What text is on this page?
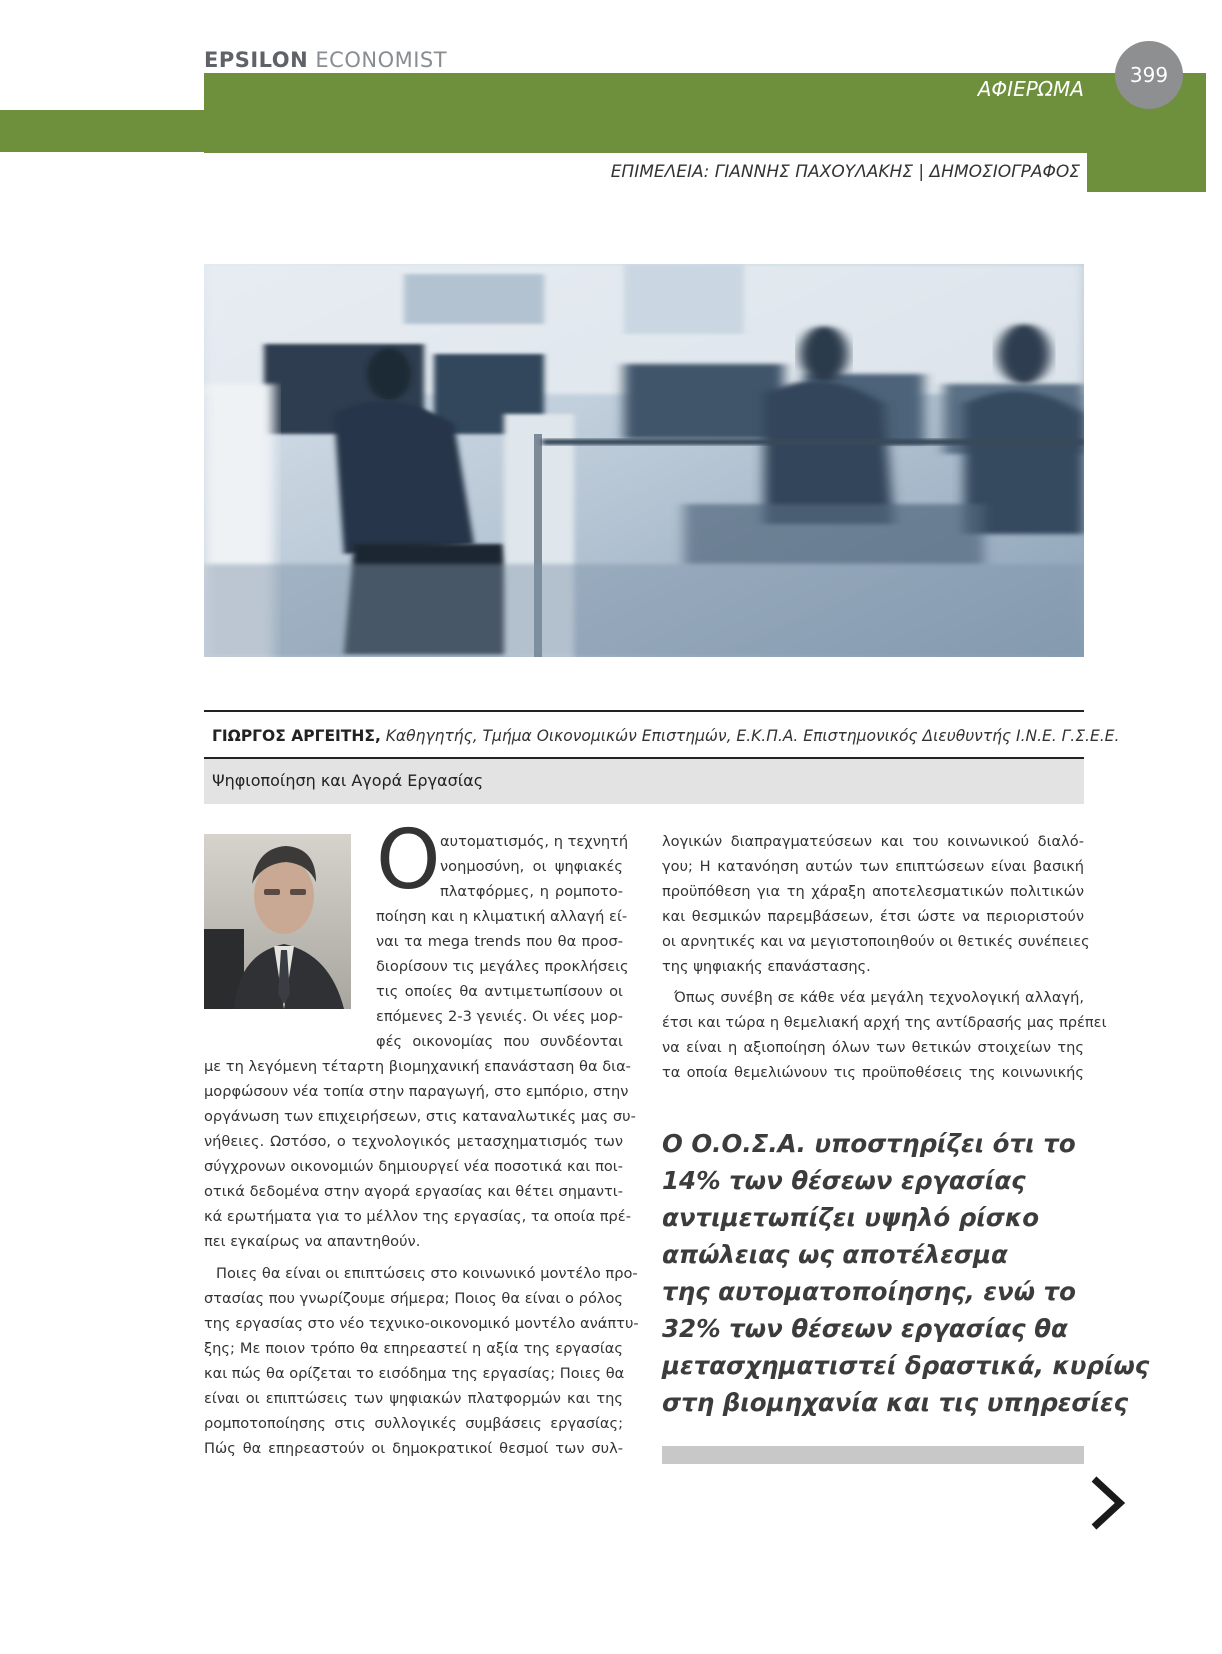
EPSILON ECONOMIST
ΑΦΙΕΡΩΜΑ
399
ΕΠΙΜΕΛΕΙΑ: ΓΙΑΝΝΗΣ ΠΑΧΟΥΛΑΚΗΣ | ΔΗΜΟΣΙΟΓΡΑΦΟΣ
ΓΙΩΡΓΟΣ ΑΡΓΕΙΤΗΣ, Καθηγητής, Τμήμα Οικονομικών Επιστημών, Ε.Κ.Π.Α. Επιστημονικός Διευθυντής Ι.Ν.Ε. Γ.Σ.Ε.Ε.
Ψηφιοποίηση και Αγορά Εργασίας
Ο αυτοματισμός, η τεχνητή
νοημοσύνη, οι ψηφιακές
πλατφόρμες, η ρομποτο-
ποίηση και η κλιματική αλλαγή εί-
ναι τα mega trends που θα προσ-
διορίσουν τις μεγάλες προκλήσεις
τις οποίες θα αντιμετωπίσουν οι
επόμενες 2-3 γενιές. Οι νέες μορ-
φές οικονομίας που συνδέονται
με τη λεγόμενη τέταρτη βιομηχανική επανάσταση θα δια-
μορφώσουν νέα τοπία στην παραγωγή, στο εμπόριο, στην
οργάνωση των επιχειρήσεων, στις καταναλωτικές μας συ-
νήθειες. Ωστόσο, ο τεχνολογικός μετασχηματισμός των
σύγχρονων οικονομιών δημιουργεί νέα ποσοτικά και ποι-
οτικά δεδομένα στην αγορά εργασίας και θέτει σημαντι-
κά ερωτήματα για το μέλλον της εργασίας, τα οποία πρέ-
πει εγκαίρως να απαντηθούν.
Ποιες θα είναι οι επιπτώσεις στο κοινωνικό μοντέλο προ-
στασίας που γνωρίζουμε σήμερα; Ποιος θα είναι ο ρόλος
της εργασίας στο νέο τεχνικο-οικονομικό μοντέλο ανάπτυ-
ξης; Με ποιον τρόπο θα επηρεαστεί η αξία της εργασίας
και πώς θα ορίζεται το εισόδημα της εργασίας; Ποιες θα
είναι οι επιπτώσεις των ψηφιακών πλατφορμών και της
ρομποτοποίησης στις συλλογικές συμβάσεις εργασίας;
Πώς θα επηρεαστούν οι δημοκρατικοί θεσμοί των συλ-
λογικών διαπραγματεύσεων και του κοινωνικού διαλό-
γου; Η κατανόηση αυτών των επιπτώσεων είναι βασική
προϋπόθεση για τη χάραξη αποτελεσματικών πολιτικών
και θεσμικών παρεμβάσεων, έτσι ώστε να περιοριστούν
οι αρνητικές και να μεγιστοποιηθούν οι θετικές συνέπειες
της ψηφιακής επανάστασης.
Όπως συνέβη σε κάθε νέα μεγάλη τεχνολογική αλλαγή,
έτσι και τώρα η θεμελιακή αρχή της αντίδρασής μας πρέπει
να είναι η αξιοποίηση όλων των θετικών στοιχείων της
τα οποία θεμελιώνουν τις προϋποθέσεις της κοινωνικής
Ο Ο.Ο.Σ.Α. υποστηρίζει ότι το
14% των θέσεων εργασίας
αντιμετωπίζει υψηλό ρίσκο
απώλειας ως αποτέλεσμα
της αυτοματοποίησης, ενώ το
32% των θέσεων εργασίας θα
μετασχηματιστεί δραστικά, κυρίως
στη βιομηχανία και τις υπηρεσίες
